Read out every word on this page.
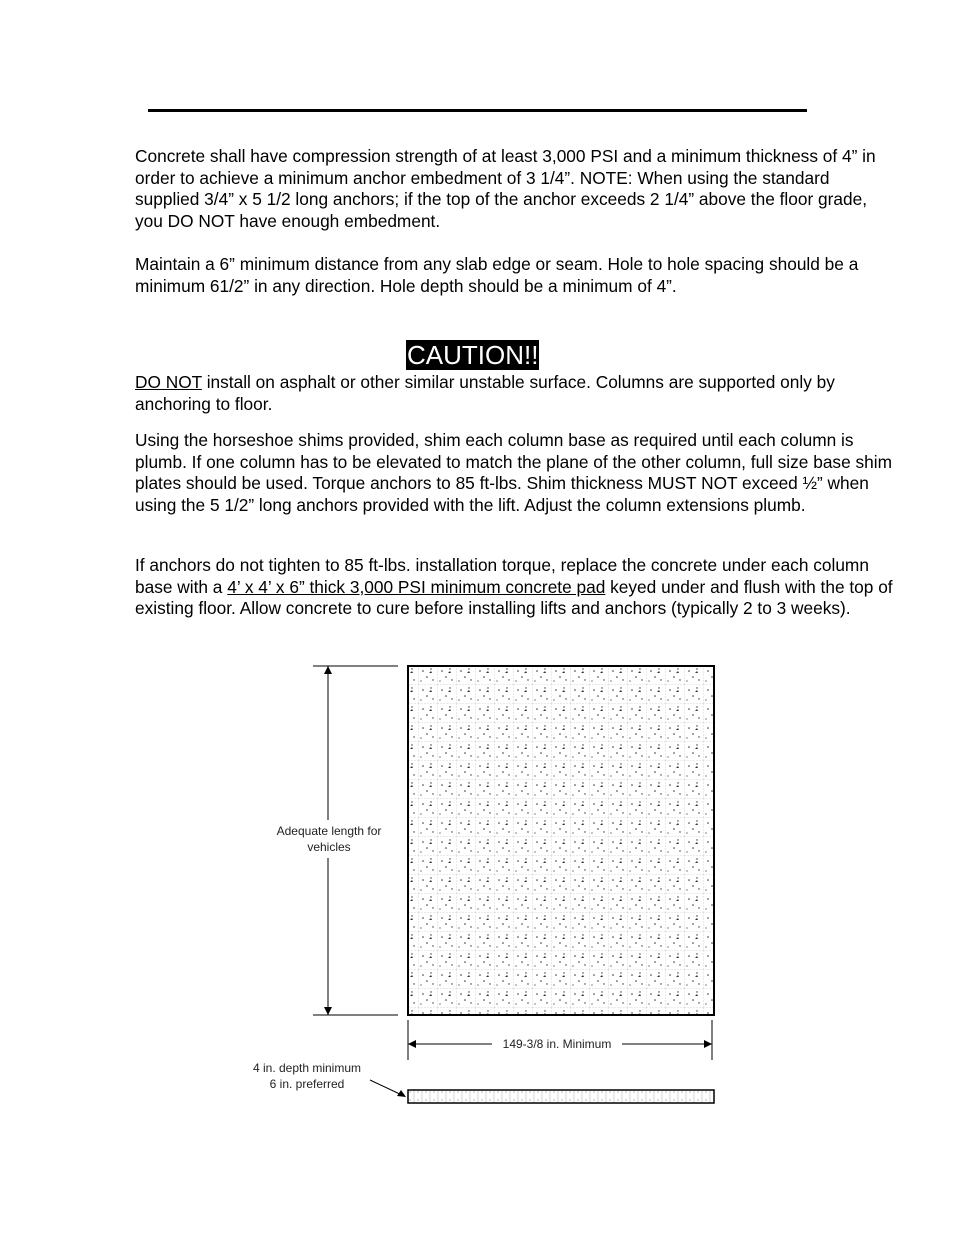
Concrete shall have compression strength of at least 3,000 PSI and a minimum thickness of 4” in order to achieve a minimum anchor embedment of 3 1/4”. NOTE: When using the standard supplied 3/4” x 5 1/2 long anchors; if the top of the anchor exceeds 2 1/4” above the floor grade, you DO NOT have enough embedment.

Maintain a 6” minimum distance from any slab edge or seam. Hole to hole spacing should be a minimum 61/2” in any direction. Hole depth should be a minimum of 4”.

CAUTION!!

DO NOT install on asphalt or other similar unstable surface. Columns are supported only by anchoring to floor.

Using the horseshoe shims provided, shim each column base as required until each column is plumb. If one column has to be elevated to match the plane of the other column, full size base shim plates should be used. Torque anchors to 85 ft-lbs. Shim thickness MUST NOT exceed ½” when using the 5 1/2” long anchors provided with the lift. Adjust the column extensions plumb.

If anchors do not tighten to 85 ft-lbs. installation torque, replace the concrete under each column base with a 4’ x 4’ x 6” thick 3,000 PSI minimum concrete pad keyed under and flush with the top of existing floor. Allow concrete to cure before installing lifts and anchors (typically 2 to 3 weeks).

Adequate length for
vehicles
149-3/8 in. Minimum
4 in. depth minimum
6 in. preferred
